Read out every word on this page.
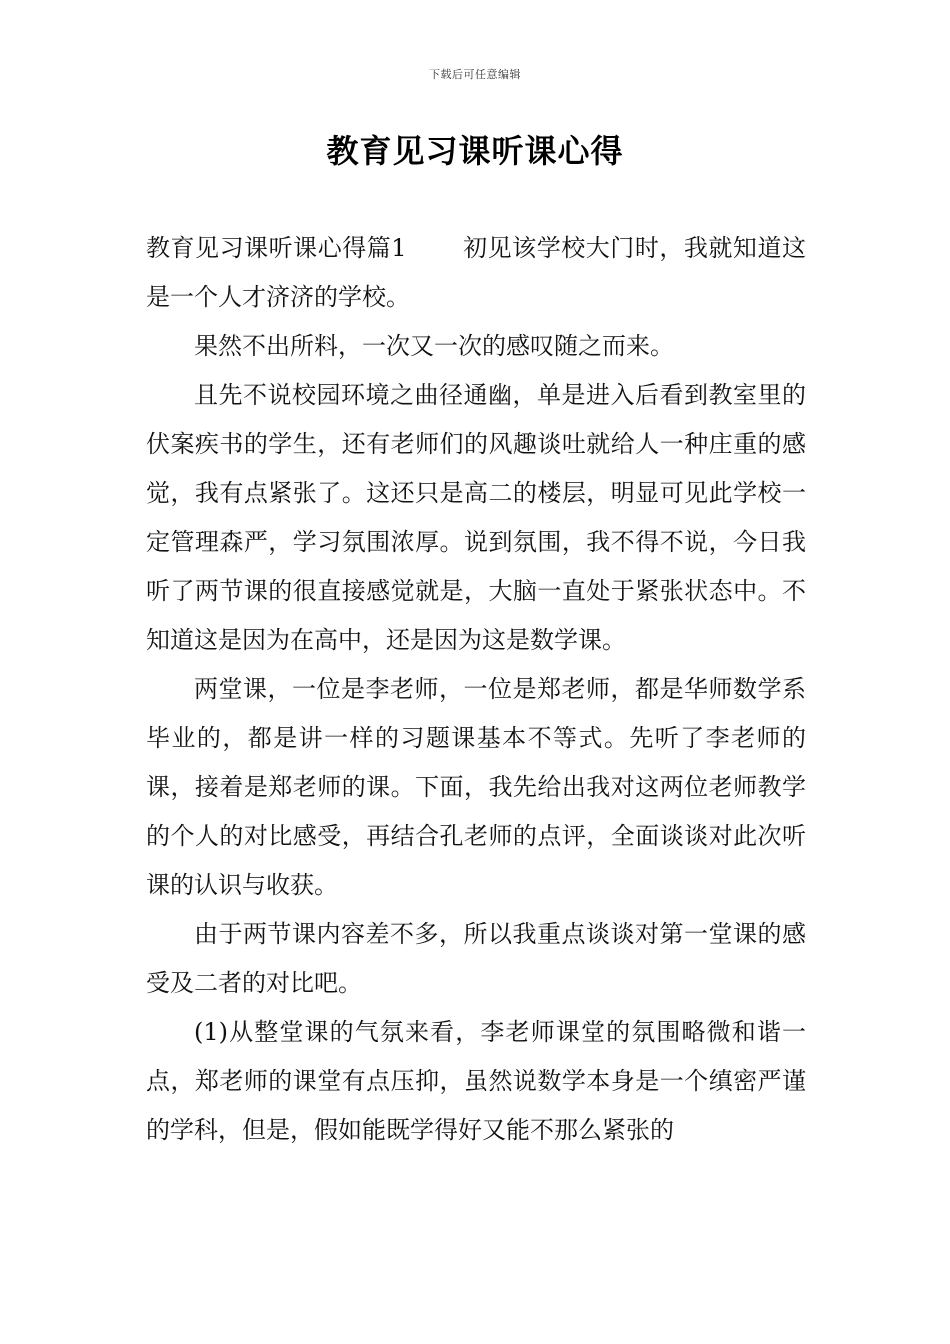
下载后可任意编辑
教育见习课听课心得

教育见习课听课心得篇1 初见该学校大门时，我就知道这是一个人才济济的学校。

果然不出所料，一次又一次的感叹随之而来。

且先不说校园环境之曲径通幽，单是进入后看到教室里的伏案疾书的学生，还有老师们的风趣谈吐就给人一种庄重的感觉，我有点紧张了。这还只是高二的楼层，明显可见此学校一定管理森严，学习氛围浓厚。说到氛围，我不得不说，今日我听了两节课的很直接感觉就是，大脑一直处于紧张状态中。不知道这是因为在高中，还是因为这是数学课。

两堂课，一位是李老师，一位是郑老师，都是华师数学系毕业的，都是讲一样的习题课基本不等式。先听了李老师的课，接着是郑老师的课。下面，我先给出我对这两位老师教学的个人的对比感受，再结合孔老师的点评，全面谈谈对此次听课的认识与收获。

由于两节课内容差不多，所以我重点谈谈对第一堂课的感受及二者的对比吧。

(1)从整堂课的气氛来看，李老师课堂的氛围略微和谐一点，郑老师的课堂有点压抑，虽然说数学本身是一个缜密严谨的学科，但是，假如能既学得好又能不那么紧张的
